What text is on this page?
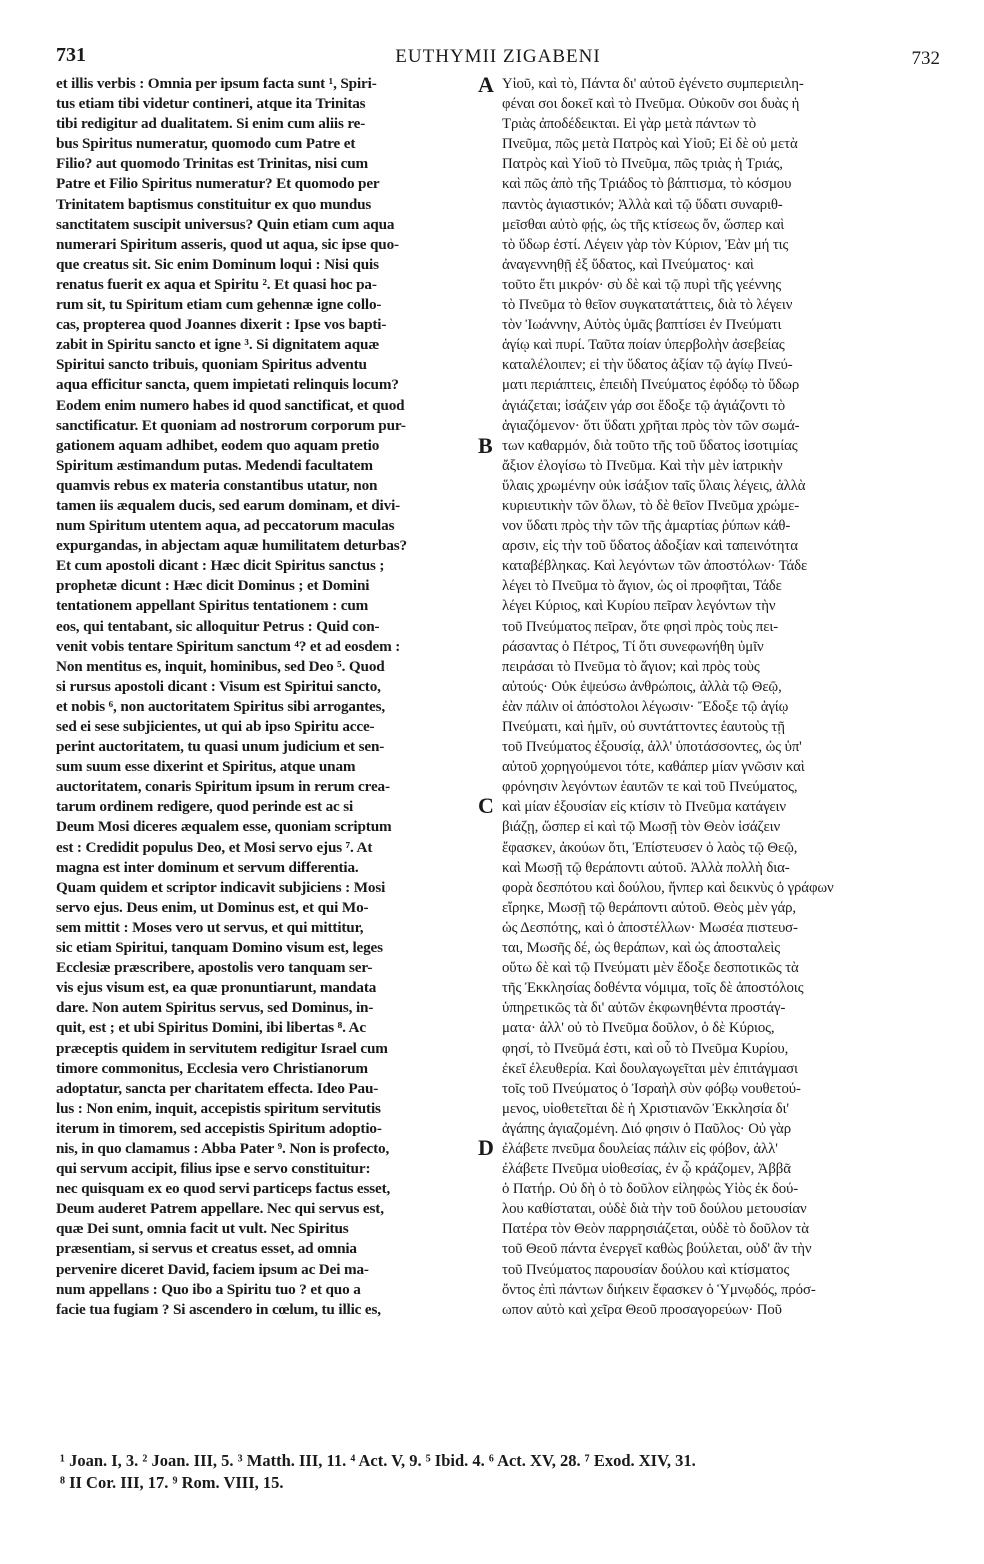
731	EUTHYMII ZIGABENI	732
et illis verbis : Omnia per ipsum facta sunt ¹, Spiri-
tus etiam tibi videtur contineri, atque ita Trinitas
tibi redigitur ad dualitatem. Si enim cum aliis re-
bus Spiritus numeratur, quomodo cum Patre et
Filio? aut quomodo Trinitas est Trinitas, nisi cum
Patre et Filio Spiritus numeratur? Et quomodo per
Trinitatem baptismus constituitur ex quo mundus
sanctitatem suscipit universus? Quin etiam cum aqua
numerari Spiritum asseris, quod ut aqua, sic ipse quo-
que creatus sit. Sic enim Dominum loqui : Nisi quis
renatus fuerit ex aqua et Spiritu ². Et quasi hoc pa-
rum sit, tu Spiritum etiam cum gehennæ igne collo-
cas, propterea quod Joannes dixerit : Ipse vos bapti-
zabit in Spiritu sancto et igne ³. Si dignitatem aquæ
Spiritui sancto tribuis, quoniam Spiritus adventu
aqua efficitur sancta, quem impietati relinquis locum?
Eodem enim numero habes id quod sanctificat, et quod
sanctificatur. Et quoniam ad nostrorum corporum pur-
gationem aquam adhibet, eodem quo aquam pretio
Spiritum æstimandum putas. Medendi facultatem
quamvis rebus ex materia constantibus utatur, non
tamen iis æqualem ducis, sed earum dominam, et divi-
num Spiritum utentem aqua, ad peccatorum maculas
expurgandas, in abjectam aquæ humilitatem deturbas?
Et cum apostoli dicant : Hæc dicit Spiritus sanctus ;
prophetæ dicunt : Hæc dicit Dominus ; et Domini
tentationem appellant Spiritus tentationem : cum
eos, qui tentabant, sic alloquitur Petrus : Quid con-
venit vobis tentare Spiritum sanctum ⁴? et ad eosdem :
Non mentitus es, inquit, hominibus, sed Deo ⁵. Quod
si rursus apostoli dicant : Visum est Spiritui sancto,
et nobis ⁶, non auctoritatem Spiritus sibi arrogantes,
sed ei sese subjicientes, ut qui ab ipso Spiritu acce-
perint auctoritatem, tu quasi unum judicium et sen-
sum suum esse dixerint et Spiritus, atque unam
auctoritatem, conaris Spiritum ipsum in rerum crea-
tarum ordinem redigere, quod perinde est ac si
Deum Mosi diceres æqualem esse, quoniam scriptum
est : Credidit populus Deo, et Mosi servo ejus ⁷. At
magna est inter dominum et servum differentia.
Quam quidem et scriptor indicavit subjiciens : Mosi
servo ejus. Deus enim, ut Dominus est, et qui Mo-
sem mittit : Moses vero ut servus, et qui mittitur,
sic etiam Spiritui, tanquam Domino visum est, leges
Ecclesiæ præscribere, apostolis vero tanquam ser-
vis ejus visum est, ea quæ pronuntiarunt, mandata
dare. Non autem Spiritus servus, sed Dominus, in-
quit, est ; et ubi Spiritus Domini, ibi libertas ⁸. Ac
præceptis quidem in servitutem redigitur Israel cum
timore commonitus, Ecclesia vero Christianorum
adoptatur, sancta per charitatem effecta. Ideo Pau-
lus : Non enim, inquit, accepistis spiritum servitutis
iterum in timorem, sed accepistis Spiritum adoptio-
nis, in quo clamamus : Abba Pater ⁹. Non is profecto,
qui servum accipit, filius ipse e servo constituitur:
nec quisquam ex eo quod servi particeps factus esset,
Deum auderet Patrem appellare. Nec qui servus est,
quæ Dei sunt, omnia facit ut vult. Nec Spiritus
præsentiam, si servus et creatus esset, ad omnia
pervenire diceret David, faciem ipsum ac Dei ma-
num appellans : Quo ibo a Spiritu tuo ? et quo a
facie tua fugiam ? Si ascendero in cœlum, tu illic es,
Υἱοῦ, καὶ τὸ, Πάντα δι' αὐτοῦ ἐγένετο συμπεριειλη-
φέναι σοι δοκεῖ καὶ τὸ Πνεῦμα. Οὐκοῦν σοι δυὰς ἡ
Τριὰς ἀποδέδεικται. Εἰ γὰρ μετὰ πάντων τὸ
Πνεῦμα, πῶς μετὰ Πατρὸς καὶ Υἱοῦ; Εἰ δὲ οὐ μετὰ
Πατρὸς καὶ Υἱοῦ τὸ Πνεῦμα, πῶς τριὰς ἡ Τριάς,
καὶ πῶς ἀπὸ τῆς Τριάδος τὸ βάπτισμα, τὸ κόσμου
παντὸς ἁγιαστικόν; Ἀλλὰ καὶ τῷ ὕδατι συναριθ-
μεῖσθαι αὐτὸ φῄς, ὡς τῆς κτίσεως ὄν, ὥσπερ καὶ
τὸ ὕδωρ ἐστί. Λέγειν γὰρ τὸν Κύριον, Ἐὰν μή τις
ἀναγεννηθῇ ἐξ ὕδατος, καὶ Πνεύματος· καὶ
τοῦτο ἔτι μικρόν· σὺ δὲ καὶ τῷ πυρὶ τῆς γεέννης
τὸ Πνεῦμα τὸ θεῖον συγκατατάττεις, διὰ τὸ λέγειν
τὸν Ἰωάννην, Αὐτὸς ὑμᾶς βαπτίσει ἐν Πνεύματι
ἁγίῳ καὶ πυρί. Ταῦτα ποίαν ὑπερβολὴν ἀσεβείας
καταλέλοιπεν; εἰ τὴν ὕδατος ἀξίαν τῷ ἁγίῳ Πνεύ-
ματι περιάπτεις, ἐπειδὴ Πνεύματος ἐφόδῳ τὸ ὕδωρ
ἁγιάζεται; ἰσάζειν γάρ σοι ἔδοξε τῷ ἁγιάζοντι τὸ
ἁγιαζόμενον· ὅτι ὕδατι χρῆται πρὸς τὸν τῶν σωμά-
των καθαρμόν, διὰ τοῦτο τῆς τοῦ ὕδατος ἰσοτιμίας
ἄξιον ἐλογίσω τὸ Πνεῦμα. Καὶ τὴν μὲν ἰατρικὴν
ὕλαις χρωμένην οὐκ ἰσάξιον ταῖς ὕλαις λέγεις, ἀλλὰ
κυριευτικὴν τῶν ὅλων, τὸ δὲ θεῖον Πνεῦμα χρώμε-
νον ὕδατι πρὸς τὴν τῶν τῆς ἁμαρτίας ῥύπων κάθ-
αρσιν, εἰς τὴν τοῦ ὕδατος ἀδοξίαν καὶ ταπεινότητα
καταβέβληκας. Καὶ λεγόντων τῶν ἀποστόλων· Τάδε
λέγει τὸ Πνεῦμα τὸ ἅγιον, ὡς οἱ προφῆται, Τάδε
λέγει Κύριος, καὶ Κυρίου πεῖραν λεγόντων τὴν
τοῦ Πνεύματος πεῖραν, ὅτε φησὶ πρὸς τοὺς πει-
ράσαντας ὁ Πέτρος, Τί ὅτι συνεφωνήθη ὑμῖν
πειράσαι τὸ Πνεῦμα τὸ ἅγιον; καὶ πρὸς τοὺς
αὐτούς· Οὐκ ἐψεύσω ἀνθρώποις, ἀλλὰ τῷ Θεῷ,
ἐὰν πάλιν οἱ ἀπόστολοι λέγωσιν· Ἔδοξε τῷ ἁγίῳ
Πνεύματι, καὶ ἡμῖν, οὐ συντάττοντες ἑαυτοὺς τῇ
τοῦ Πνεύματος ἐξουσίᾳ, ἀλλ' ὑποτάσσοντες, ὡς ὑπ'
αὐτοῦ χορηγούμενοι τότε, καθάπερ μίαν γνῶσιν καὶ
φρόνησιν λεγόντων ἑαυτῶν τε καὶ τοῦ Πνεύματος,
καὶ μίαν ἐξουσίαν εἰς κτίσιν τὸ Πνεῦμα κατάγειν
βιάζῃ, ὥσπερ εἰ καὶ τῷ Μωσῇ τὸν Θεὸν ἰσάζειν
ἔφασκεν, ἀκούων ὅτι, Ἐπίστευσεν ὁ λαὸς τῷ Θεῷ,
καὶ Μωσῇ τῷ θεράποντι αὐτοῦ. Ἀλλὰ πολλὴ δια-
φορὰ δεσπότου καὶ δούλου, ἥνπερ καὶ δεικνὺς ὁ γράφων
εἴρηκε, Μωσῇ τῷ θεράποντι αὐτοῦ. Θεὸς μὲν γάρ,
ὡς Δεσπότης, καὶ ὁ ἀποστέλλων· Μωσέα πιστευσ-
ται, Μωσῆς δέ, ὡς θεράπων, καὶ ὡς ἀποσταλεὶς
οὕτω δὲ καὶ τῷ Πνεύματι μὲν ἔδοξε δεσποτικῶς τὰ
τῆς Ἐκκλησίας δοθέντα νόμιμα, τοῖς δὲ ἀποστόλοις
ὑπηρετικῶς τὰ δι' αὐτῶν ἐκφωνηθέντα προστάγ-
ματα· ἀλλ' οὐ τὸ Πνεῦμα δοῦλον, ὁ δὲ Κύριος,
φησί, τὸ Πνεῦμά ἐστι, καὶ οὗ τὸ Πνεῦμα Κυρίου,
ἐκεῖ ἐλευθερία. Καὶ δουλαγωγεῖται μὲν ἐπιτάγμασι
τοῖς τοῦ Πνεύματος ὁ Ἰσραὴλ σὺν φόβῳ νουθετού-
μενος, υἱοθετεῖται δὲ ἡ Χριστιανῶν Ἐκκλησία δι'
ἀγάπης ἁγιαζομένη. Διό φησιν ὁ Παῦλος· Οὐ γὰρ
ἐλάβετε πνεῦμα δουλείας πάλιν εἰς φόβον, ἀλλ'
ἐλάβετε Πνεῦμα υἱοθεσίας, ἐν ᾧ κράζομεν, Ἀββᾶ
ὁ Πατήρ. Οὐ δὴ ὁ τὸ δοῦλον εἰληφὼς Υἱὸς ἐκ δού-
λου καθίσταται, οὐδὲ διὰ τὴν τοῦ δούλου μετουσίαν
Πατέρα τὸν Θεὸν παρρησιάζεται, οὐδὲ τὸ δοῦλον τὰ
τοῦ Θεοῦ πάντα ἐνεργεῖ καθὼς βούλεται, οὐδ' ἂν τὴν
τοῦ Πνεύματος παρουσίαν δούλου καὶ κτίσματος
ὄντος ἐπὶ πάντων διήκειν ἔφασκεν ὁ Ὑμνῳδός, πρόσ-
ωπον αὐτὸ καὶ χεῖρα Θεοῦ προσαγορεύων· Ποῦ
A
B
C
D
¹ Joan. I, 3. ² Joan. III, 5. ³ Matth. III, 11. ⁴ Act. V, 9. ⁵ Ibid. 4. ⁶ Act. XV, 28. ⁷ Exod. XIV, 31.
⁸ II Cor. III, 17. ⁹ Rom. VIII, 15.
